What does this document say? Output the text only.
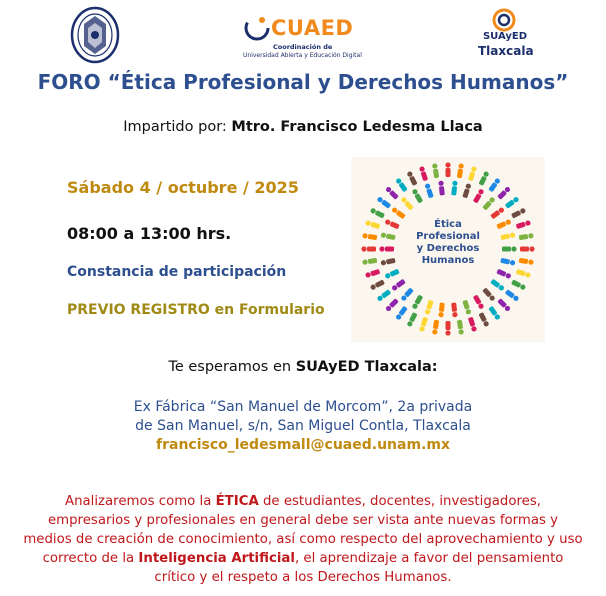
CUAED
Coordinación de
Universidad Abierta y Educación Digital
SUAyED
Tlaxcala
FORO “Ética Profesional y Derechos Humanos”
Impartido por: Mtro. Francisco Ledesma Llaca
Sábado 4 / octubre / 2025
08:00 a 13:00 hrs.
Constancia de participación
PREVIO REGISTRO en Formulario
Ética
Profesional
y Derechos
Humanos
Te esperamos en SUAyED Tlaxcala:
Ex Fábrica “San Manuel de Morcom”, 2a privada
de San Manuel, s/n, San Miguel Contla, Tlaxcala
francisco_ledesmall@cuaed.unam.mx
Analizaremos como la ÉTICA de estudiantes, docentes, investigadores, empresarios y profesionales en general debe ser vista ante nuevas formas y medios de creación de conocimiento, así como respecto del aprovechamiento y uso correcto de la Inteligencia Artificial, el aprendizaje a favor del pensamiento crítico y el respeto a los Derechos Humanos.
